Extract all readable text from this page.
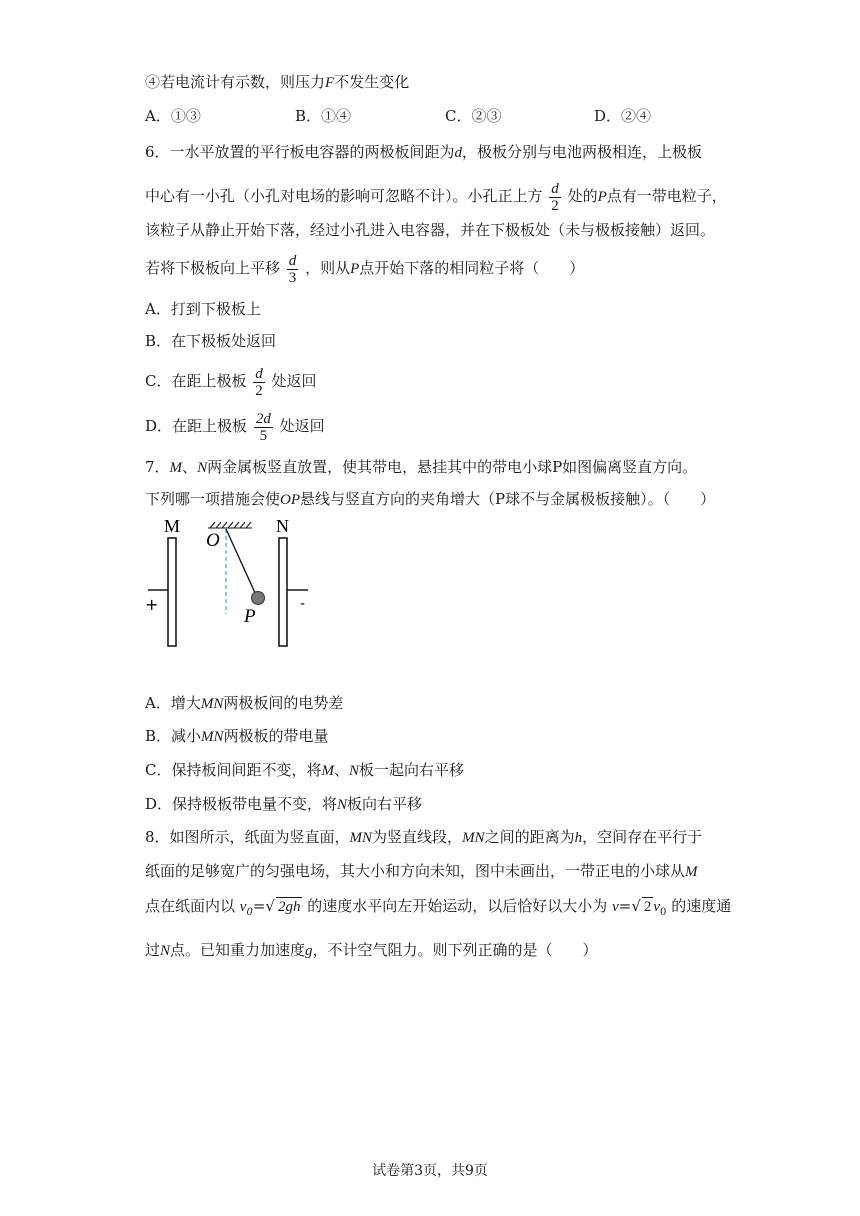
④若电流计有示数，则压力F不发生变化
A．①③	B．①④	C．②③	D．②④
6．一水平放置的平行板电容器的两极板间距为d，极板分别与电池两极相连，上极板
中心有一小孔（小孔对电场的影响可忽略不计）。小孔正上方 $\frac{d}{2}$ 处的P点有一带电粒子，
该粒子从静止开始下落，经过小孔进入电容器，并在下极板处（未与极板接触）返回。
若将下极板向上平移 $\frac{d}{3}$ ，则从P点开始下落的相同粒子将（　　）
A．打到下极板上
B．在下极板处返回
C．在距上极板 $\frac{d}{2}$ 处返回
D．在距上极板 $\frac{2d}{5}$ 处返回
7．M、N两金属板竖直放置，使其带电，悬挂其中的带电小球P如图偏离竖直方向。
下列哪一项措施会使OP悬线与竖直方向的夹角增大（P球不与金属极板接触）。（　　）
M
+
N
-
O
P
A．增大MN两极板间的电势差
B．减小MN两极板的带电量
C．保持板间间距不变，将M、N板一起向右平移
D．保持极板带电量不变，将N板向右平移
8．如图所示，纸面为竖直面，MN为竖直线段，MN之间的距离为h，空间存在平行于
纸面的足够宽广的匀强电场，其大小和方向未知，图中未画出，一带正电的小球从M
点在纸面内以 $v_0=√$ 2gh 的速度水平向左开始运动，以后恰好以大小为 v=√ 2 $v_0$ 的速度通
过N点。已知重力加速度g，不计空气阻力。则下列正确的是（　　）
试卷第3页，共9页
